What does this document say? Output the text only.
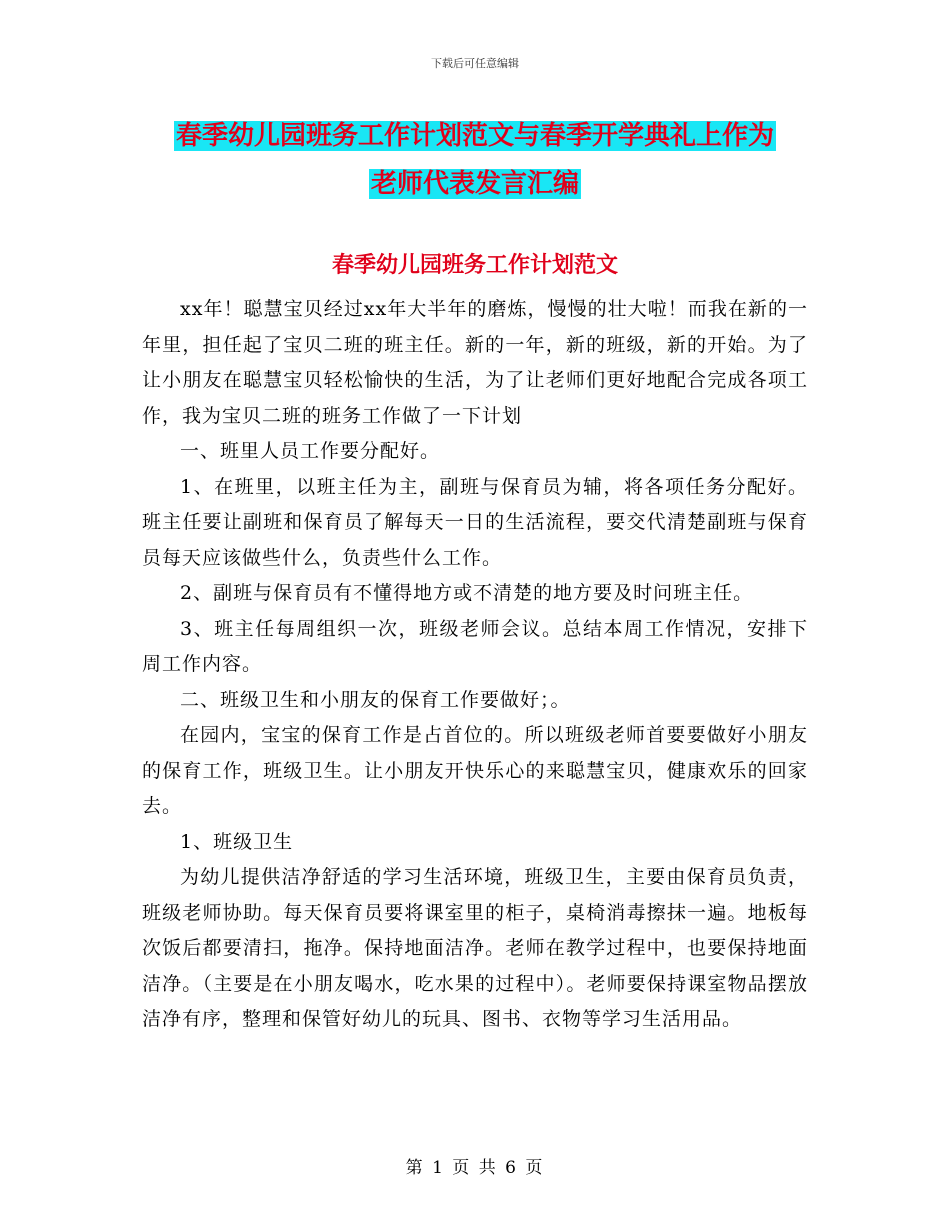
下载后可任意编辑
春季幼儿园班务工作计划范文与春季开学典礼上作为
老师代表发言汇编
春季幼儿园班务工作计划范文

xx年！聪慧宝贝经过xx年大半年的磨炼，慢慢的壮大啦！而我在新的一年里，担任起了宝贝二班的班主任。新的一年，新的班级，新的开始。为了让小朋友在聪慧宝贝轻松愉快的生活，为了让老师们更好地配合完成各项工作，我为宝贝二班的班务工作做了一下计划

一、班里人员工作要分配好。

1、在班里，以班主任为主，副班与保育员为辅，将各项任务分配好。班主任要让副班和保育员了解每天一日的生活流程，要交代清楚副班与保育员每天应该做些什么，负责些什么工作。

2、副班与保育员有不懂得地方或不清楚的地方要及时问班主任。

3、班主任每周组织一次，班级老师会议。总结本周工作情况，安排下周工作内容。

二、班级卫生和小朋友的保育工作要做好；。

在园内，宝宝的保育工作是占首位的。所以班级老师首要要做好小朋友的保育工作，班级卫生。让小朋友开快乐心的来聪慧宝贝，健康欢乐的回家去。

1、班级卫生

为幼儿提供洁净舒适的学习生活环境，班级卫生，主要由保育员负责，班级老师协助。每天保育员要将课室里的柜子，桌椅消毒擦抹一遍。地板每次饭后都要清扫，拖净。保持地面洁净。老师在教学过程中，也要保持地面洁净。（主要是在小朋友喝水，吃水果的过程中）。老师要保持课室物品摆放洁净有序，整理和保管好幼儿的玩具、图书、衣物等学习生活用品。

第 1 页 共 6 页
